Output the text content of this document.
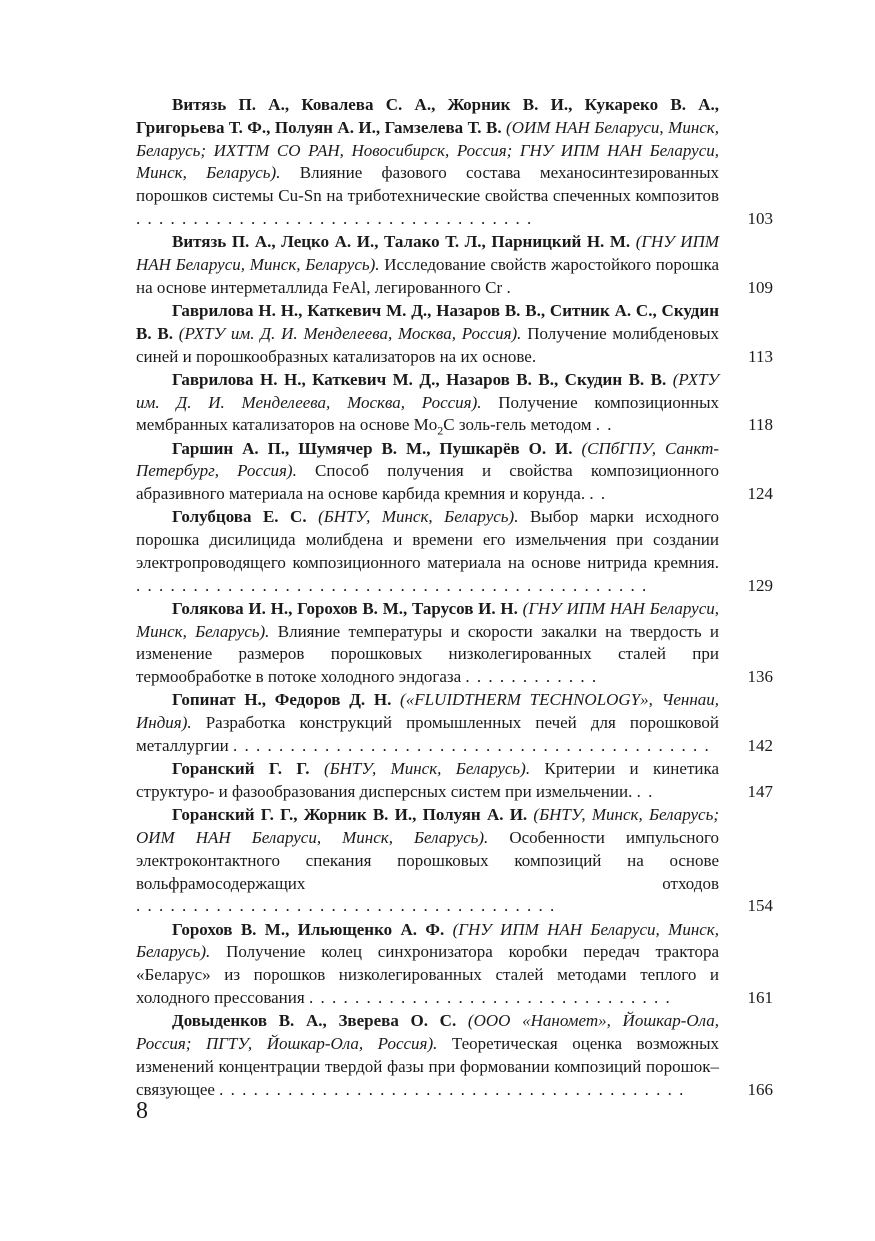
Витязь П. А., Ковалева С. А., Жорник В. И., Кукареко В. А., Григорьева Т. Ф., Полуян А. И., Гамзелева Т. В. (ОИМ НАН Беларуси, Минск, Беларусь; ИХТТМ СО РАН, Новосибирск, Россия; ГНУ ИПМ НАН Беларуси, Минск, Беларусь). Влияние фазового состава механосинтезированных порошков системы Cu-Sn на триботехнические свойства спеченных композитов . . . . . . . . . . . . . . . . . . . . . . . . . . . . . . . . . . .	103
Витязь П. А., Лецко А. И., Талако Т. Л., Парницкий Н. М. (ГНУ ИПМ НАН Беларуси, Минск, Беларусь). Исследование свойств жаростойкого порошка на основе интерметаллида FeAl, легированного Cr .	109
Гаврилова Н. Н., Каткевич М. Д., Назаров В. В., Ситник А. С., Скудин В. В. (РХТУ им. Д. И. Менделеева, Москва, Россия). Получение молибденовых синей и порошкообразных катализаторов на их основе.	113
Гаврилова Н. Н., Каткевич М. Д., Назаров В. В., Скудин В. В. (РХТУ им. Д. И. Менделеева, Москва, Россия). Получение композиционных мембранных катализаторов на основе $Mo_2C$ золь-гель методом . .	118
Гаршин А. П., Шумячер В. М., Пушкарёв О. И. (СПбГПУ, Санкт-Петербург, Россия). Способ получения и свойства композиционного абразивного материала на основе карбида кремния и корунда. . .	124
Голубцова Е. С. (БНТУ, Минск, Беларусь). Выбор марки исходного порошка дисилицида молибдена и времени его измельчения при создании электропроводящего композиционного материала на основе нитрида кремния. . . . . . . . . . . . . . . . . . . . . . . . . . . . . . . . . . . . . . . . . . . . . .	129
Голякова И. Н., Горохов В. М., Тарусов И. Н. (ГНУ ИПМ НАН Беларуси, Минск, Беларусь). Влияние температуры и скорости закалки на твердость и изменение размеров порошковых низколегированных сталей при термообработке в потоке холодного эндогаза . . . . . . . . . . . .	136
Гопинат Н., Федоров Д. Н. («FLUIDTHERM TECHNOLOGY», Ченнаи, Индия). Разработка конструкций промышленных печей для порошковой металлургии . . . . . . . . . . . . . . . . . . . . . . . . . . . . . . . . . . . . . . . . . .	142
Горанский Г. Г. (БНТУ, Минск, Беларусь). Критерии и кинетика структуро- и фазообразования дисперсных систем при измельчении. . .	147
Горанский Г. Г., Жорник В. И., Полуян А. И. (БНТУ, Минск, Беларусь; ОИМ НАН Беларуси, Минск, Беларусь). Особенности импульсного электроконтактного спекания порошковых композиций на основе вольфрамосодержащих отходов . . . . . . . . . . . . . . . . . . . . . . . . . . . . . . . . . . . . .	154
Горохов В. М., Ильющенко А. Ф. (ГНУ ИПМ НАН Беларуси, Минск, Беларусь). Получение колец синхронизатора коробки передач трактора «Беларус» из порошков низколегированных сталей методами теплого и холодного прессования . . . . . . . . . . . . . . . . . . . . . . . . . . . . . . . .	161
Довыденков В. А., Зверева О. С. (ООО «Наномет», Йошкар-Ола, Россия; ПГТУ, Йошкар-Ола, Россия). Теоретическая оценка возможных изменений концентрации твердой фазы при формовании композиций порошок–связующее . . . . . . . . . . . . . . . . . . . . . . . . . . . . . . . . . . . . . . . . .	166
8
